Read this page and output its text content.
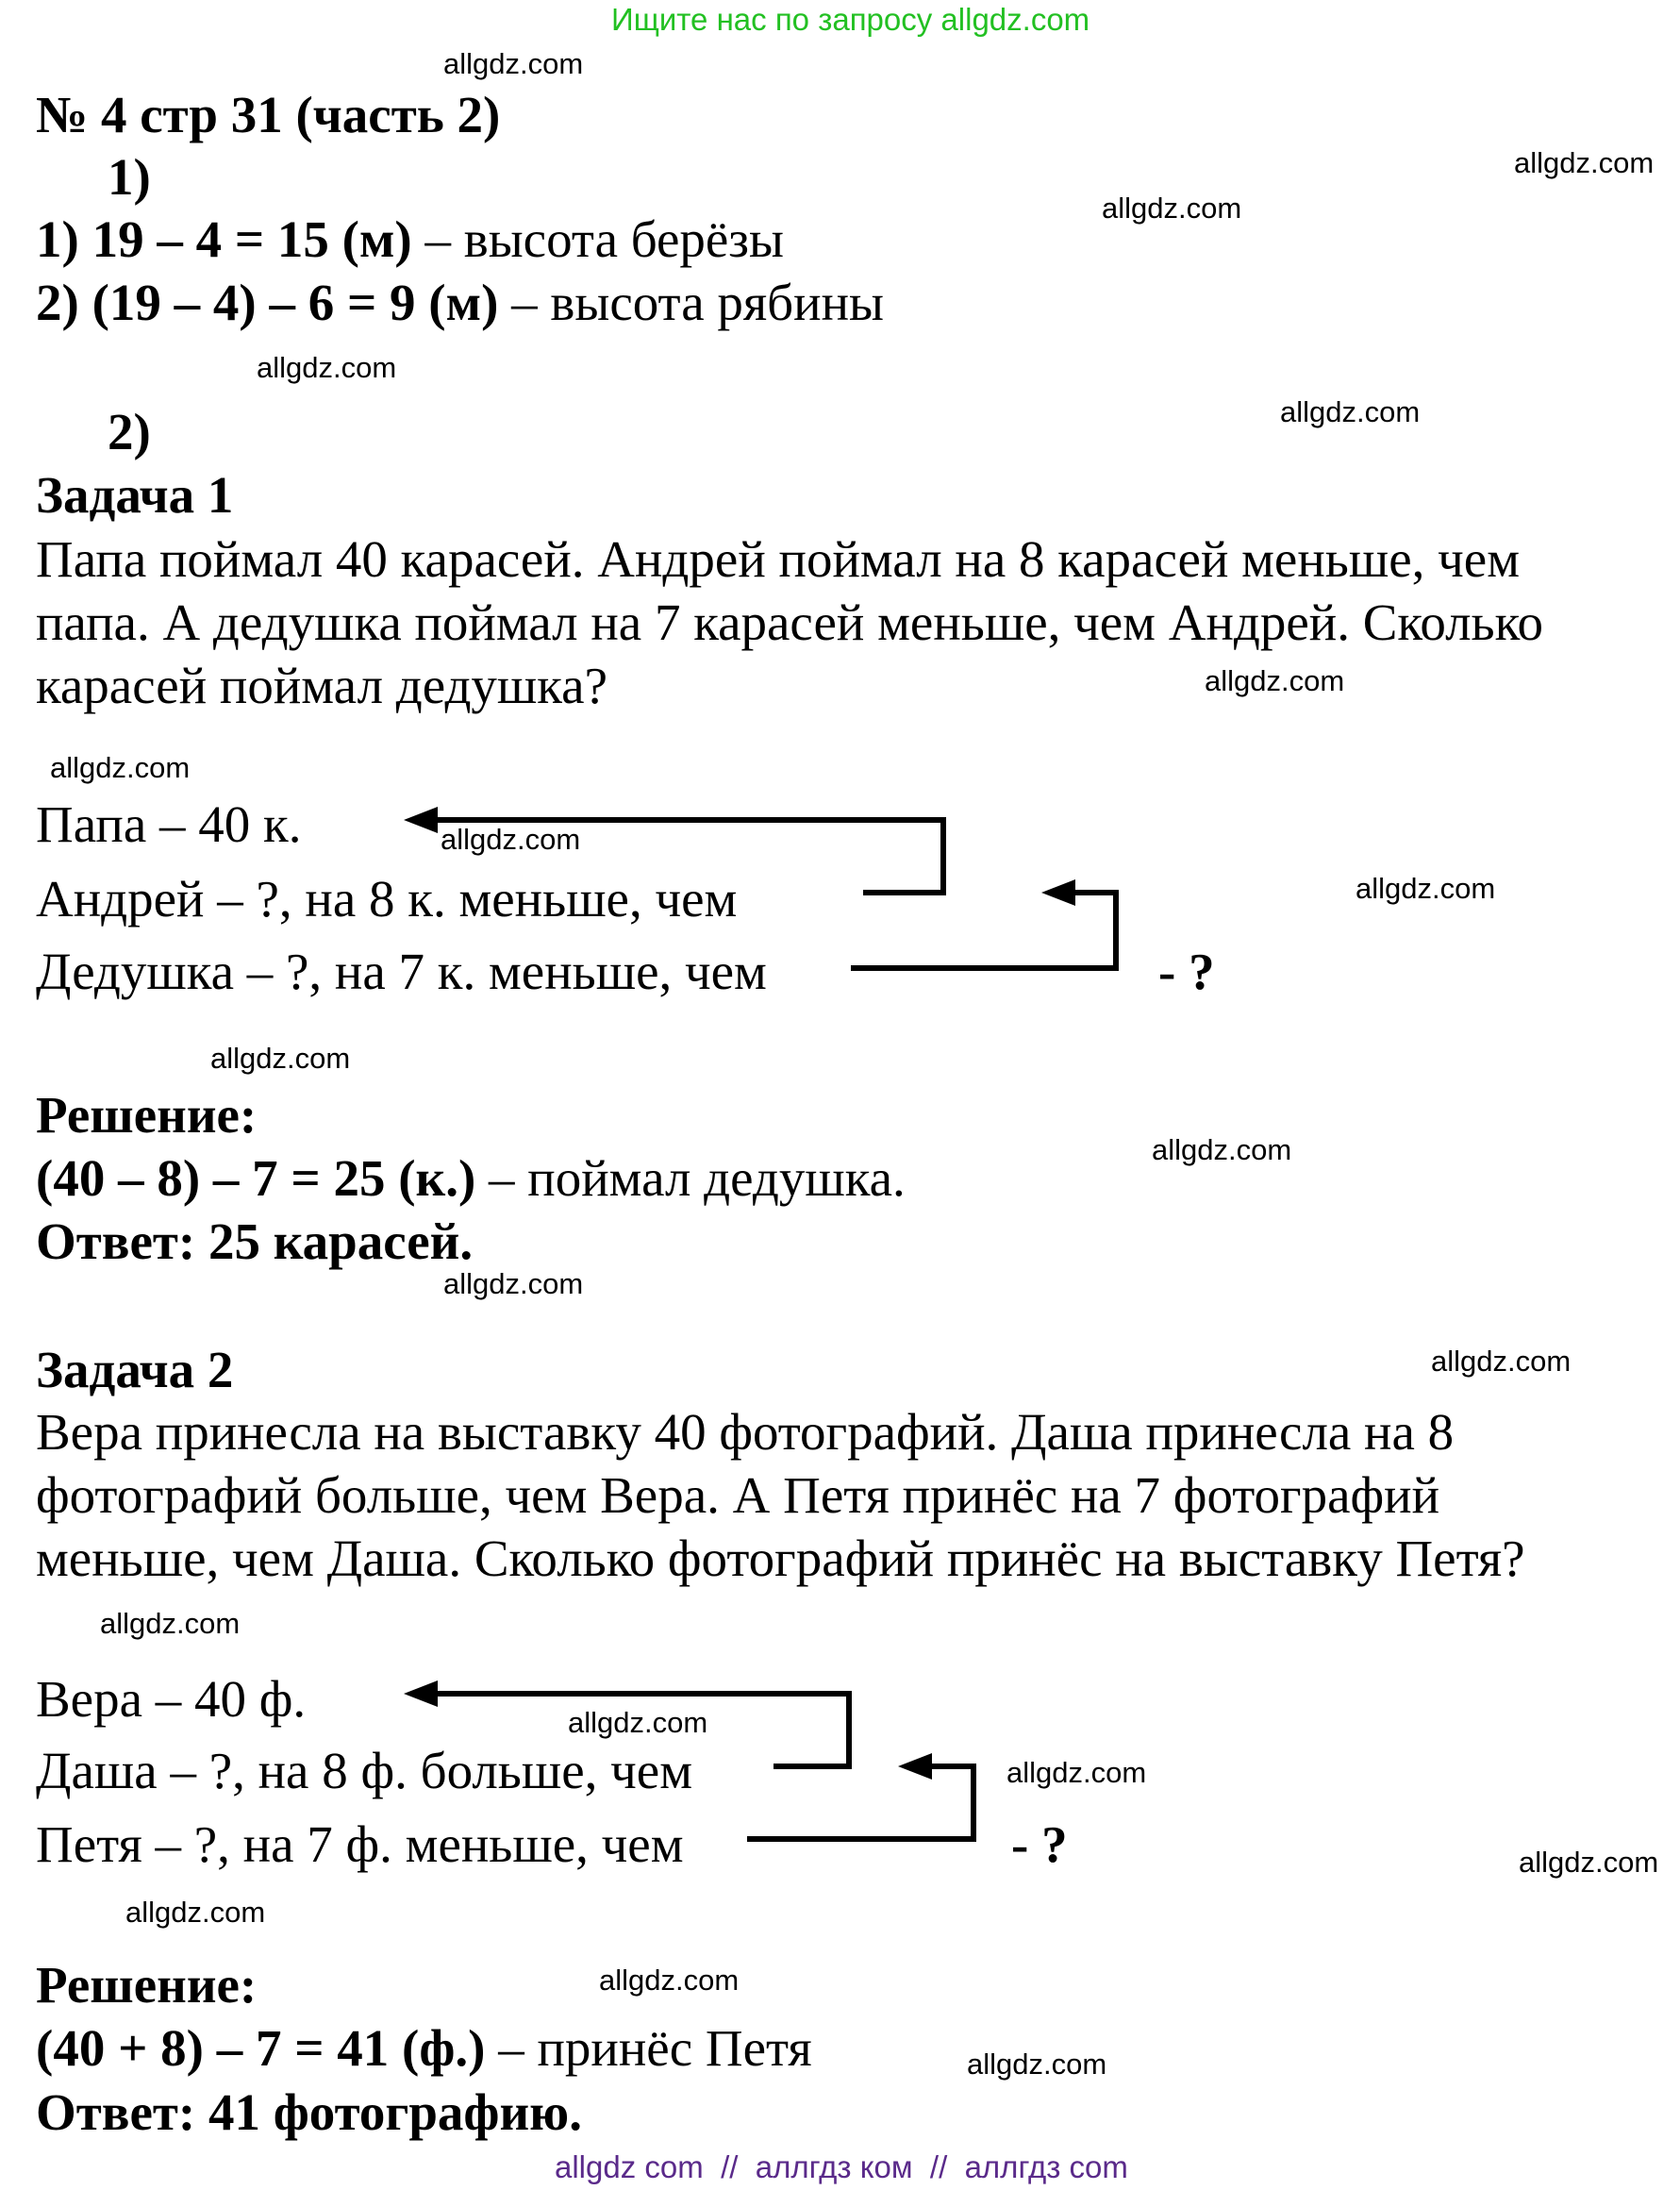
Ищите нас по запросу allgdz.com
№ 4 стр 31 (часть 2)
1)
1) 19 – 4 = 15 (м) – высота берёзы
2) (19 – 4) – 6 = 9 (м) – высота рябины
2)
Задача 1
Папа поймал 40 карасей. Андрей поймал на 8 карасей меньше, чем
папа. А дедушка поймал на 7 карасей меньше, чем Андрей. Сколько
карасей поймал дедушка?
Папа – 40 к.
Андрей – ?, на 8 к. меньше, чем
Дедушка – ?, на 7 к. меньше, чем	- ?
Решение:
(40 – 8) – 7 = 25 (к.) – поймал дедушка.
Ответ: 25 карасей.
Задача 2
Вера принесла на выставку 40 фотографий. Даша принесла на 8
фотографий больше, чем Вера. А Петя принёс на 7 фотографий
меньше, чем Даша. Сколько фотографий принёс на выставку Петя?
Вера – 40 ф.
Даша – ?, на 8 ф. больше, чем
Петя – ?, на 7 ф. меньше, чем	- ?
Решение:
(40 + 8) – 7 = 41 (ф.) – принёс Петя
Ответ: 41 фотографию.
allgdz.com
allgdz.com
allgdz.com
allgdz.com
allgdz.com
allgdz.com
allgdz.com
allgdz.com
allgdz.com
allgdz.com
allgdz.com
allgdz.com
allgdz.com
allgdz.com
allgdz.com
allgdz.com
allgdz.com
allgdz.com
allgdz.com
allgdz.com
allgdz com  //  аллгдз ком  //  аллгдз com
